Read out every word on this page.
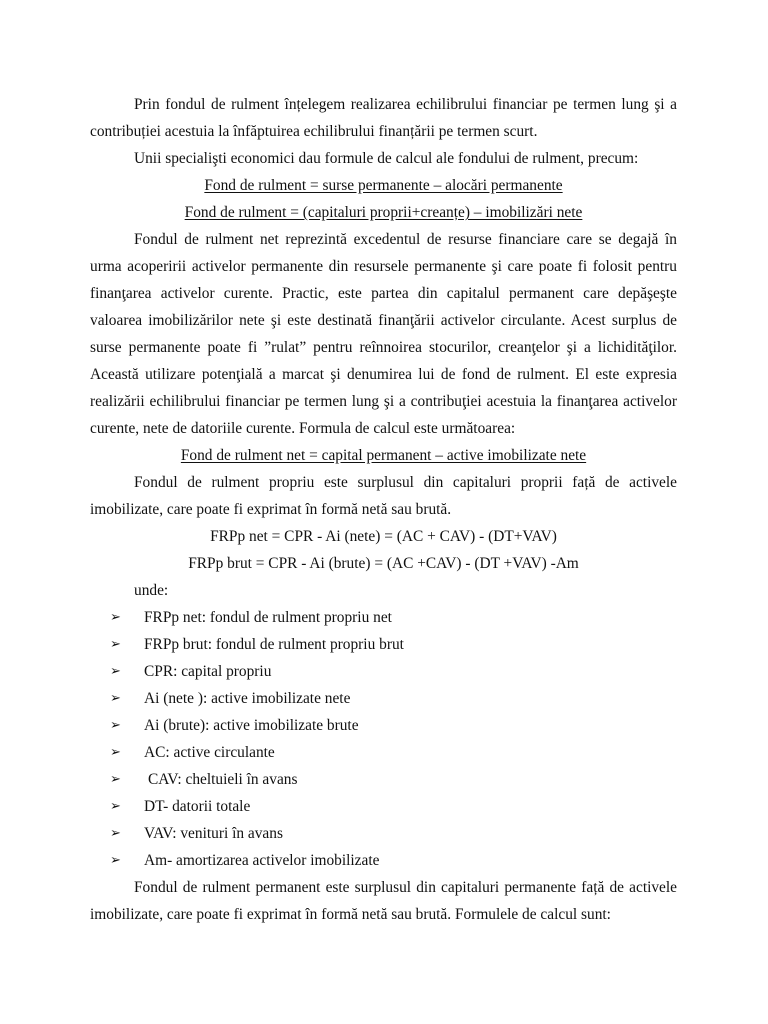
Prin fondul de rulment înțelegem realizarea echilibrului financiar pe termen lung şi a contribuției acestuia la înfăptuirea echilibrului finanțării pe termen scurt.

Unii specialişti economici dau formule de calcul ale fondului de rulment, precum:

Fond de rulment = surse permanente – alocări permanente

Fond de rulment = (capitaluri proprii+creanțe) – imobilizări nete

Fondul de rulment net reprezintă excedentul de resurse financiare care se degajă în urma acoperirii activelor permanente din resursele permanente şi care poate fi folosit pentru finanţarea activelor curente. Practic, este partea din capitalul permanent care depăşeşte valoarea imobilizărilor nete şi este destinată finanţării activelor circulante. Acest surplus de surse permanente poate fi ”rulat” pentru reînnoirea stocurilor, creanţelor şi a lichidităţilor. Această utilizare potenţială a marcat şi denumirea lui de fond de rulment. El este expresia realizării echilibrului financiar pe termen lung şi a contribuţiei acestuia la finanţarea activelor curente, nete de datoriile curente. Formula de calcul este următoarea:

Fond de rulment net = capital permanent – active imobilizate nete

Fondul de rulment propriu este surplusul din capitaluri proprii față de activele imobilizate, care poate fi exprimat în formă netă sau brută.

FRPp net = CPR - Ai (nete) = (AC + CAV) - (DT+VAV)

FRPp brut = CPR - Ai (brute) = (AC +CAV) - (DT +VAV) -Am

unde:

➢ FRPp net: fondul de rulment propriu net
➢ FRPp brut: fondul de rulment propriu brut
➢ CPR: capital propriu
➢ Ai (nete ): active imobilizate nete
➢ Ai (brute): active imobilizate brute
➢ AC: active circulante
➢ CAV: cheltuieli în avans
➢ DT- datorii totale
➢ VAV: venituri în avans
➢ Am- amortizarea activelor imobilizate

Fondul de rulment permanent este surplusul din capitaluri permanente față de activele imobilizate, care poate fi exprimat în formă netă sau brută. Formulele de calcul sunt:
